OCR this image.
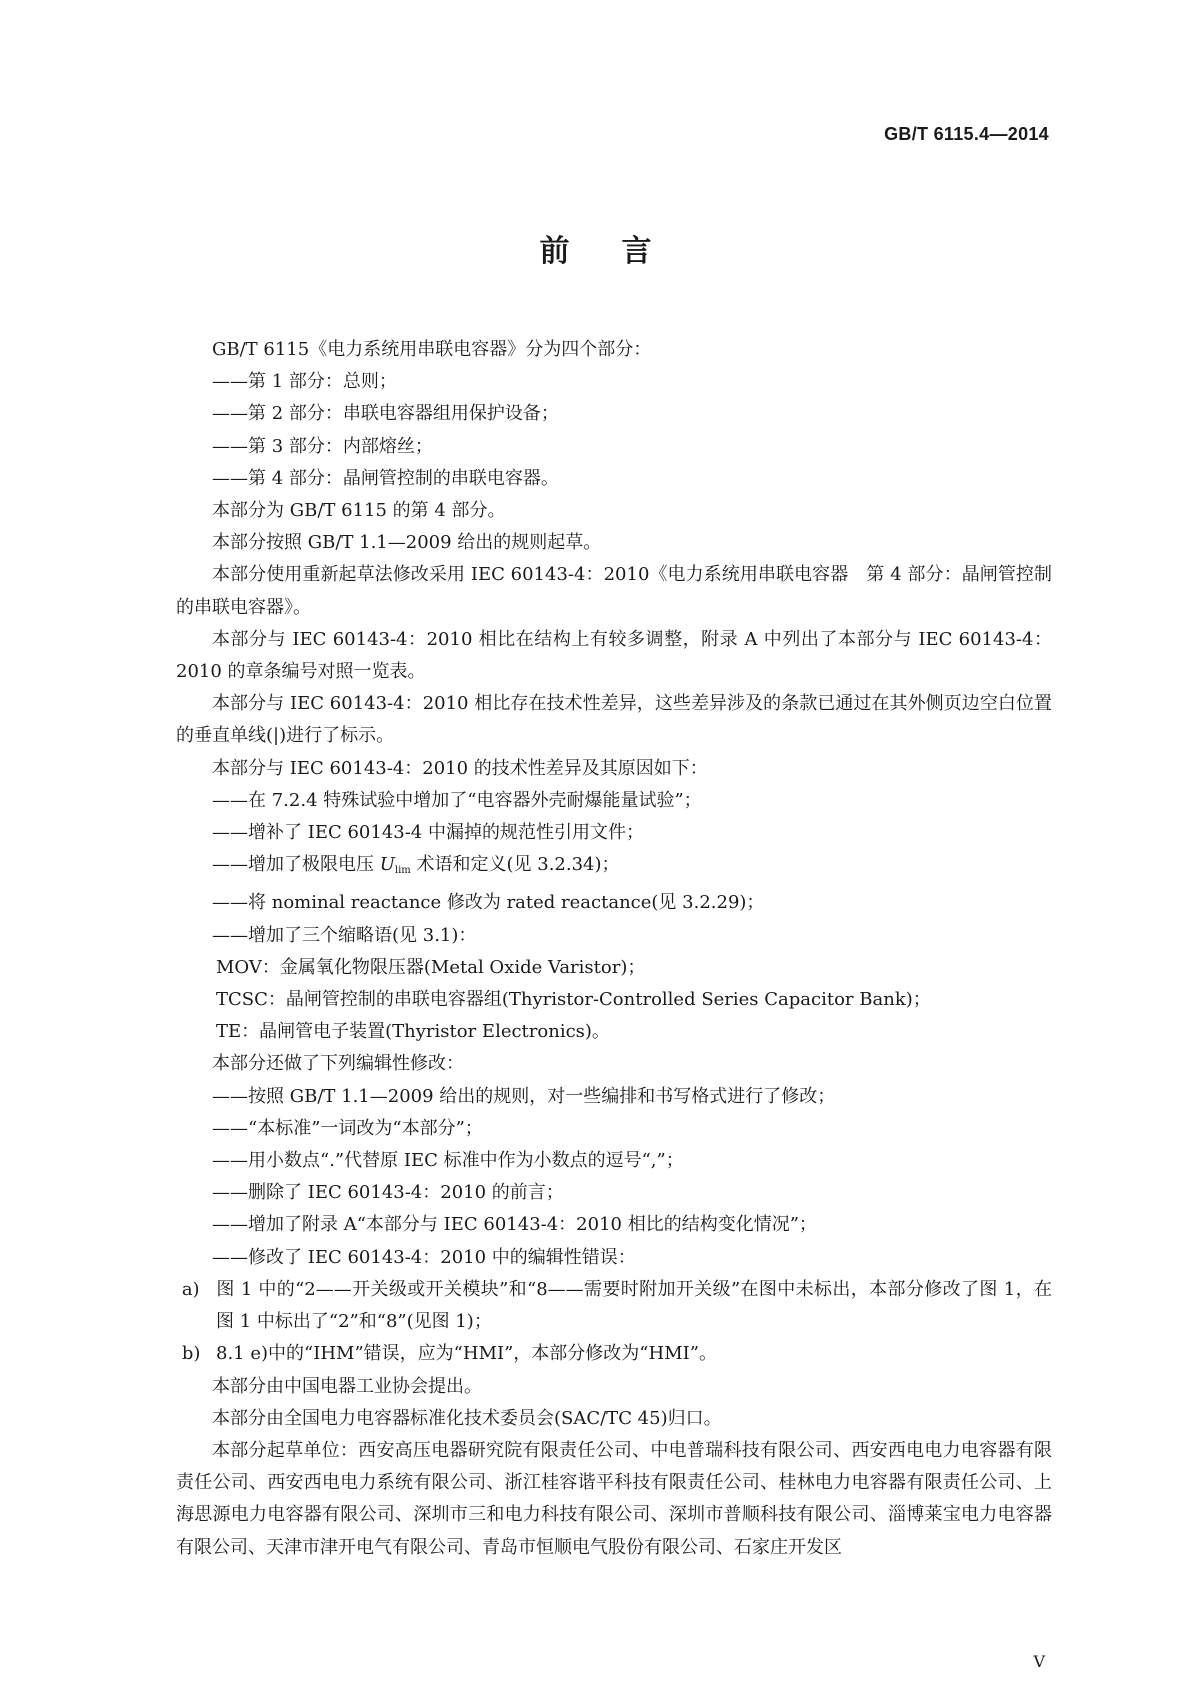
GB/T 6115.4—2014
前言

GB/T 6115《电力系统用串联电容器》分为四个部分：

——第 1 部分：总则；

——第 2 部分：串联电容器组用保护设备；

——第 3 部分：内部熔丝；

——第 4 部分：晶闸管控制的串联电容器。

本部分为 GB/T 6115 的第 4 部分。

本部分按照 GB/T 1.1—2009 给出的规则起草。

本部分使用重新起草法修改采用 IEC 60143-4：2010《电力系统用串联电容器　第 4 部分：晶闸管控制的串联电容器》。

本部分与 IEC 60143-4：2010 相比在结构上有较多调整，附录 A 中列出了本部分与 IEC 60143-4：2010 的章条编号对照一览表。

本部分与 IEC 60143-4：2010 相比存在技术性差异，这些差异涉及的条款已通过在其外侧页边空白位置的垂直单线(|)进行了标示。

本部分与 IEC 60143-4：2010 的技术性差异及其原因如下：

——在 7.2.4 特殊试验中增加了“电容器外壳耐爆能量试验”；

——增补了 IEC 60143-4 中漏掉的规范性引用文件；

——增加了极限电压 $U_{lim}$ 术语和定义(见 3.2.34)；

——将 nominal reactance 修改为 rated reactance(见 3.2.29)；

——增加了三个缩略语(见 3.1)：

MOV：金属氧化物限压器(Metal Oxide Varistor)；

TCSC：晶闸管控制的串联电容器组(Thyristor-Controlled Series Capacitor Bank)；

TE：晶闸管电子装置(Thyristor Electronics)。

本部分还做了下列编辑性修改：

——按照 GB/T 1.1—2009 给出的规则，对一些编排和书写格式进行了修改；

——“本标准”一词改为“本部分”；

——用小数点“.”代替原 IEC 标准中作为小数点的逗号“,”；

——删除了 IEC 60143-4：2010 的前言；

——增加了附录 A“本部分与 IEC 60143-4：2010 相比的结构变化情况”；

——修改了 IEC 60143-4：2010 中的编辑性错误：

a) 图 1 中的“2——开关级或开关模块”和“8——需要时附加开关级”在图中未标出，本部分修改了图 1，在图 1 中标出了“2”和“8”(见图 1)；

b) 8.1 e)中的“IHM”错误，应为“HMI”，本部分修改为“HMI”。

本部分由中国电器工业协会提出。

本部分由全国电力电容器标准化技术委员会(SAC/TC 45)归口。

本部分起草单位：西安高压电器研究院有限责任公司、中电普瑞科技有限公司、西安西电电力电容器有限责任公司、西安西电电力系统有限公司、浙江桂容谐平科技有限责任公司、桂林电力电容器有限责任公司、上海思源电力电容器有限公司、深圳市三和电力科技有限公司、深圳市普顺科技有限公司、淄博莱宝电力电容器有限公司、天津市津开电气有限公司、青岛市恒顺电气股份有限公司、石家庄开发区

V
